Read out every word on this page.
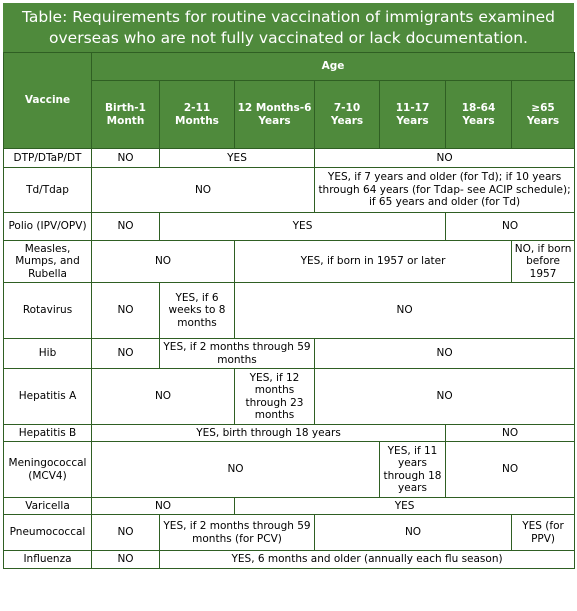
Table: Requirements for routine vaccination of immigrants examined
overseas who are not fully vaccinated or lack documentation.
Vaccine	Age						
	Birth-1 Month	2-11 Months	12 Months-6 Years	7-10 Years	11-17 Years	18-64 Years	≥65 Years
DTP/DTaP/DT	NO	YES		NO			
Td/Tdap	NO			YES, if 7 years and older (for Td); if 10 years through 64 years (for Tdap- see ACIP schedule); if 65 years and older (for Td)			
Polio (IPV/OPV)	NO	YES				NO	
Measles, Mumps, and Rubella	NO		YES, if born in 1957 or later				NO, if born before 1957
Rotavirus	NO	YES, if 6 weeks to 8 months	NO				
Hib	NO	YES, if 2 months through 59 months		NO			
Hepatitis A	NO		YES, if 12 months through 23 months	NO			
Hepatitis B	YES, birth through 18 years					NO	
Meningococcal (MCV4)	NO				YES, if 11 years through 18 years	NO	
Varicella	NO		YES				
Pneumococcal	NO	YES, if 2 months through 59 months (for PCV)		NO			YES (for PPV)
Influenza	NO	YES, 6 months and older (annually each flu season)					
